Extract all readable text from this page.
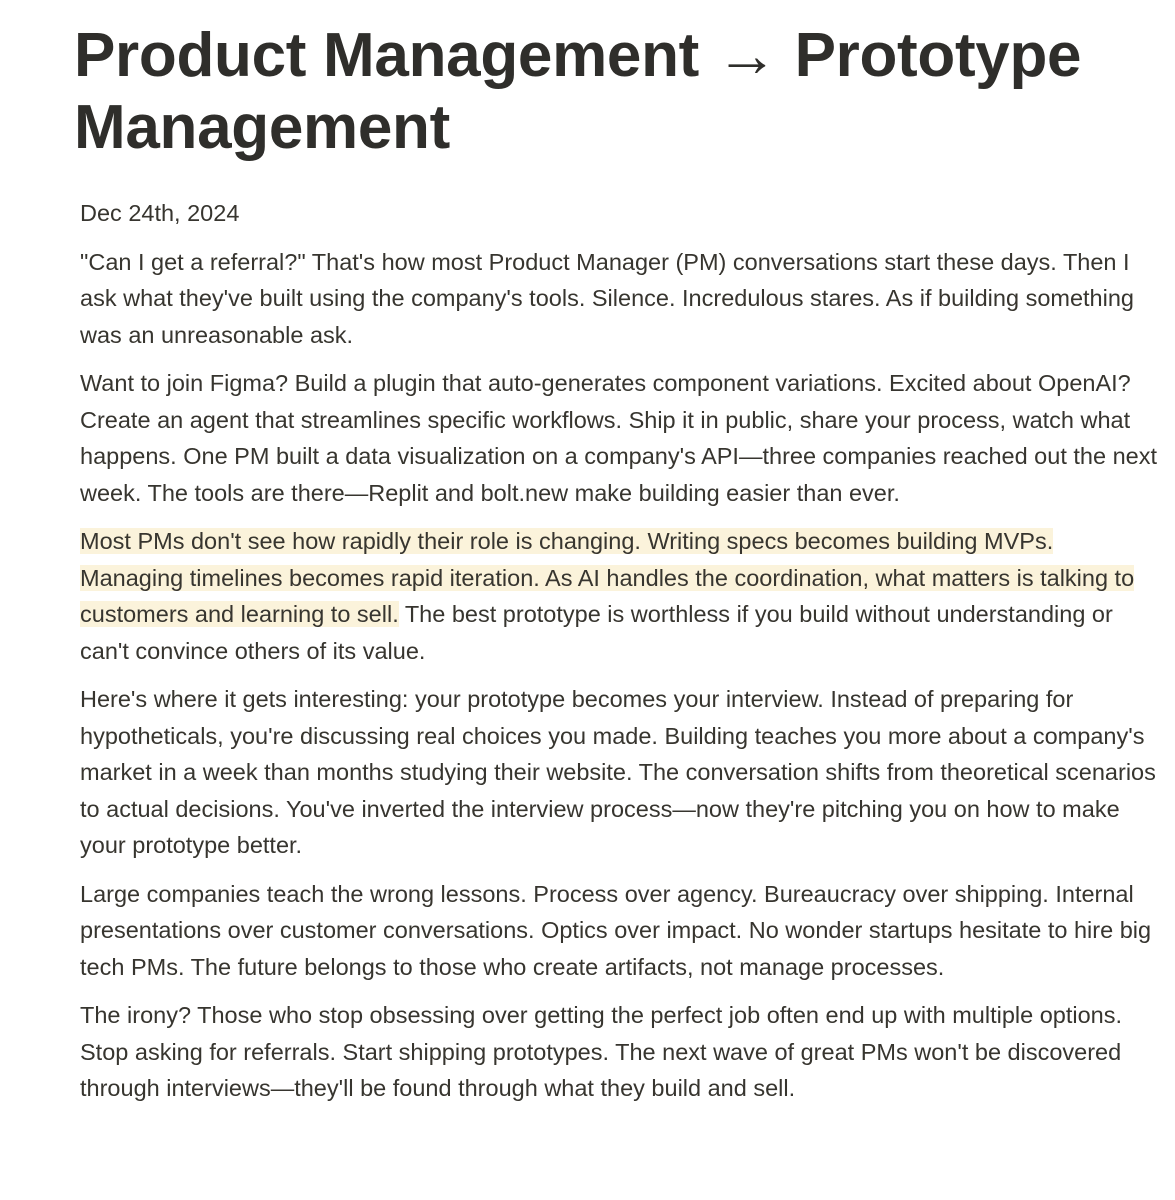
Product Management → Prototype Management

Dec 24th, 2024

"Can I get a referral?" That's how most Product Manager (PM) conversations start these days. Then I ask what they've built using the company's tools. Silence. Incredulous stares. As if building something was an unreasonable ask.

Want to join Figma? Build a plugin that auto-generates component variations. Excited about OpenAI? Create an agent that streamlines specific workflows. Ship it in public, share your process, watch what happens. One PM built a data visualization on a company's API—three companies reached out the next week. The tools are there—Replit and bolt.new make building easier than ever.

Most PMs don't see how rapidly their role is changing. Writing specs becomes building MVPs. Managing timelines becomes rapid iteration. As AI handles the coordination, what matters is talking to customers and learning to sell. The best prototype is worthless if you build without understanding or can't convince others of its value.

Here's where it gets interesting: your prototype becomes your interview. Instead of preparing for hypotheticals, you're discussing real choices you made. Building teaches you more about a company's market in a week than months studying their website. The conversation shifts from theoretical scenarios to actual decisions. You've inverted the interview process—now they're pitching you on how to make your prototype better.

Large companies teach the wrong lessons. Process over agency. Bureaucracy over shipping. Internal presentations over customer conversations. Optics over impact. No wonder startups hesitate to hire big tech PMs. The future belongs to those who create artifacts, not manage processes.

The irony? Those who stop obsessing over getting the perfect job often end up with multiple options. Stop asking for referrals. Start shipping prototypes. The next wave of great PMs won't be discovered through interviews—they'll be found through what they build and sell.
